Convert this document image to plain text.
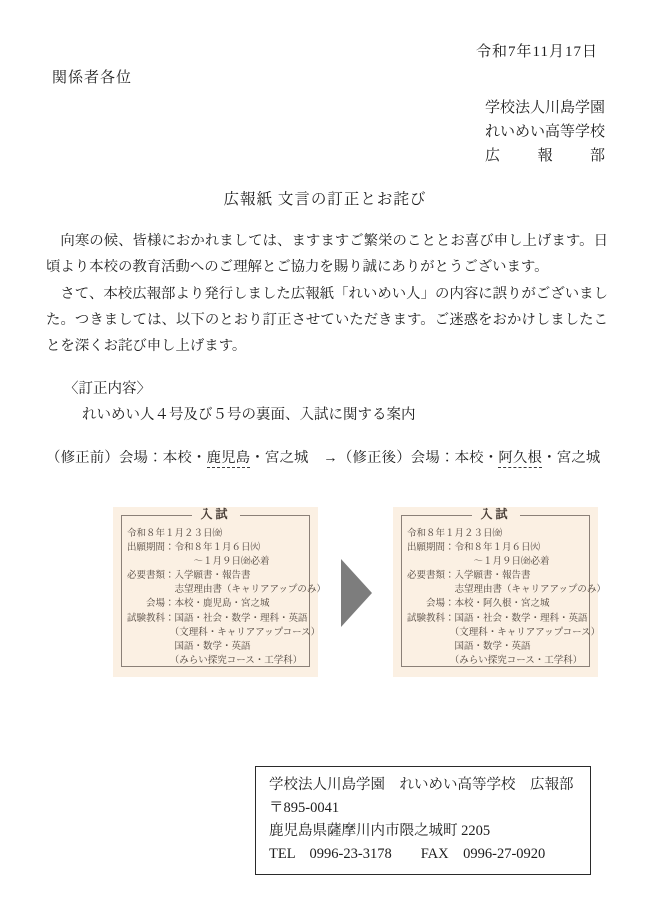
令和7年11月17日
関係者各位
学校法人川島学園
れいめい高等学校
広　報　部
広報紙 文言の訂正とお詫び

向寒の候、皆様におかれましては、ますますご繁栄のこととお喜び申し上げます。日頃より本校の教育活動へのご理解とご協力を賜り誠にありがとうございます。

さて、本校広報部より発行しました広報紙「れいめい人」の内容に誤りがございました。つきましては、以下のとおり訂正させていただきます。ご迷惑をおかけしましたことを深くお詫び申し上げます。

〈訂正内容〉
れいめい人４号及び５号の裏面、入試に関する案内
（修正前）会場：本校・鹿児島・宮之城　→（修正後）会場：本校・阿久根・宮之城
入試
令和８年１月２３日㈮
出願期間：令和８年１月６日㈫
　　　　　　　～１月９日㈮必着
必要書類：入学願書・報告書
　　　　　志望理由書（キャリアアップのみ）
　　会場：本校・鹿児島・宮之城
試験教科：国語・社会・数学・理科・英語
　　　　　（文理科・キャリアアップコース）
　　　　　国語・数学・英語
　　　　　（みらい探究コース・工学科）
入試
令和８年１月２３日㈮
出願期間：令和８年１月６日㈫
　　　　　　　～１月９日㈮必着
必要書類：入学願書・報告書
　　　　　志望理由書（キャリアアップのみ）
　　会場：本校・阿久根・宮之城
試験教科：国語・社会・数学・理科・英語
　　　　　（文理科・キャリアアップコース）
　　　　　国語・数学・英語
　　　　　（みらい探究コース・工学科）
学校法人川島学園　れいめい高等学校　広報部
〒895-0041
鹿児島県薩摩川内市隈之城町 2205
TEL　0996-23-3178　　FAX　0996-27-0920
